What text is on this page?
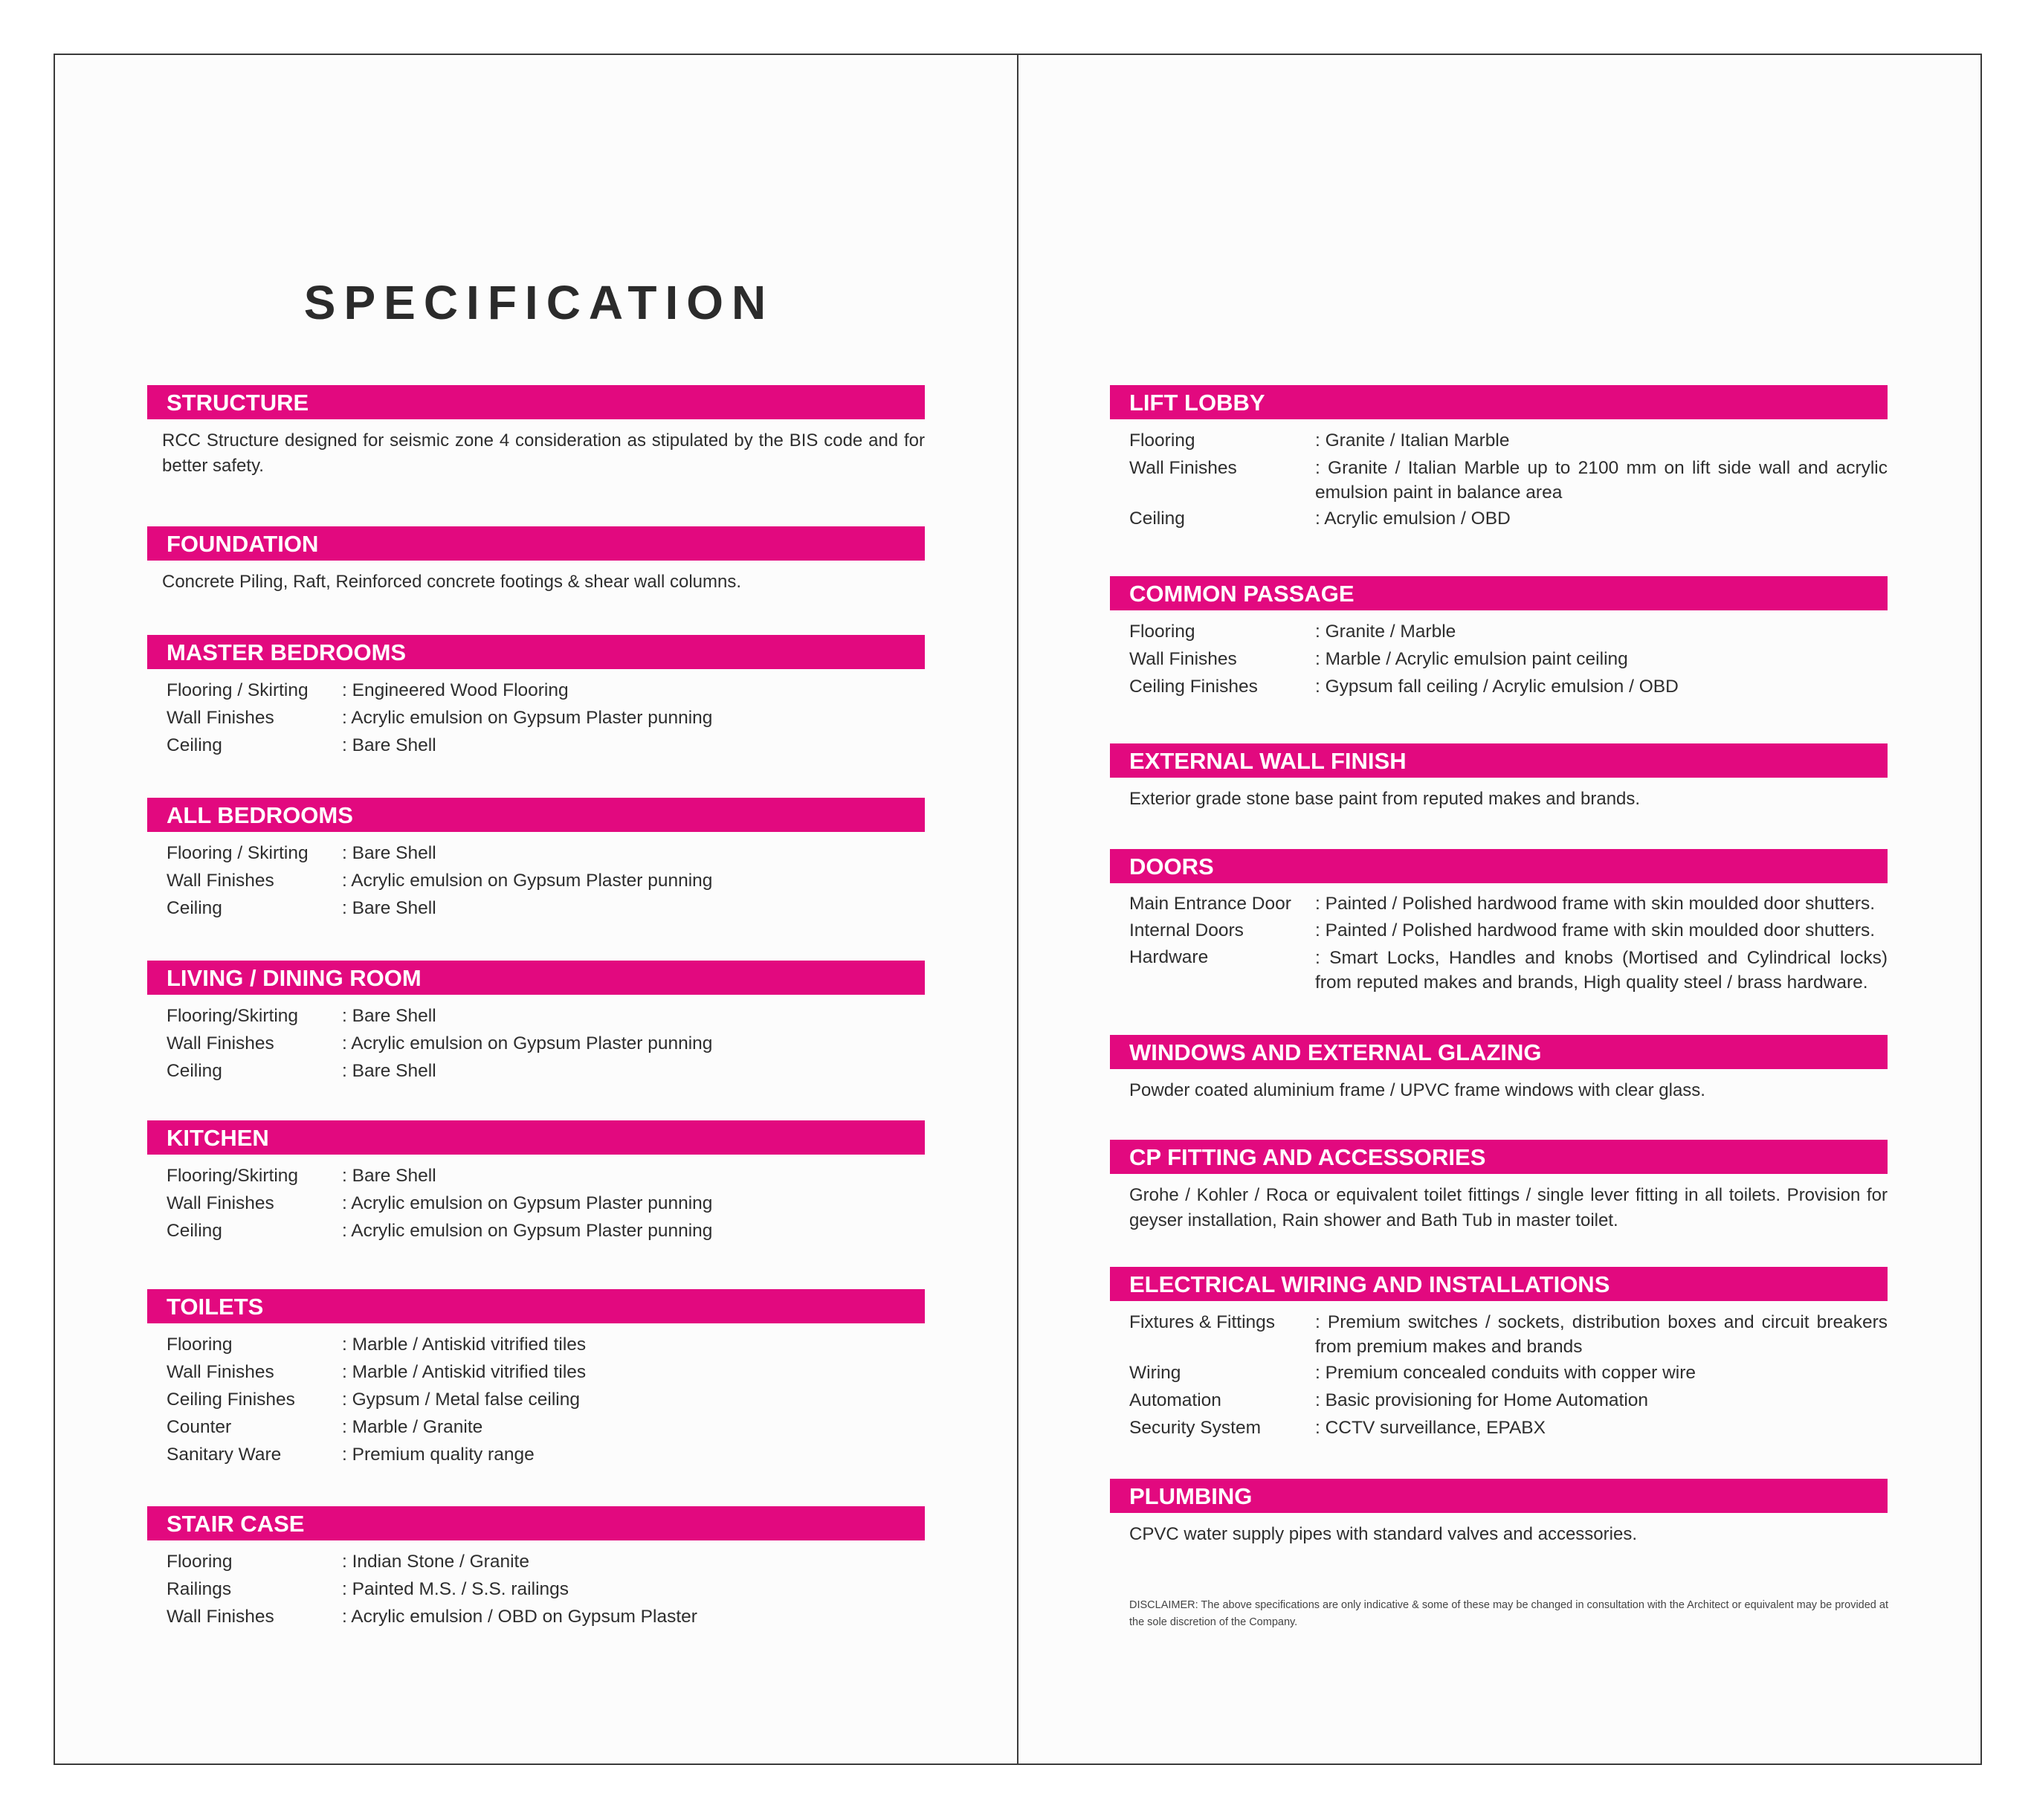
SPECIFICATION
STRUCTURE
RCC Structure designed for seismic zone 4 consideration as stipulated by the BIS code and for better safety.
FOUNDATION
Concrete Piling, Raft, Reinforced concrete footings & shear wall columns.
MASTER BEDROOMS
Flooring / Skirting	: Engineered Wood Flooring
Wall Finishes	: Acrylic emulsion on Gypsum Plaster punning
Ceiling	: Bare Shell
ALL BEDROOMS
Flooring / Skirting	: Bare Shell
Wall Finishes	: Acrylic emulsion on Gypsum Plaster punning
Ceiling	: Bare Shell
LIVING / DINING ROOM
Flooring/Skirting	: Bare Shell
Wall Finishes	: Acrylic emulsion on Gypsum Plaster punning
Ceiling	: Bare Shell
KITCHEN
Flooring/Skirting	: Bare Shell
Wall Finishes	: Acrylic emulsion on Gypsum Plaster punning
Ceiling	: Acrylic emulsion on Gypsum Plaster punning
TOILETS
Flooring	: Marble / Antiskid vitrified tiles
Wall Finishes	: Marble / Antiskid vitrified tiles
Ceiling Finishes	: Gypsum / Metal false ceiling
Counter	: Marble / Granite
Sanitary Ware	: Premium quality range
STAIR CASE
Flooring	: Indian Stone / Granite
Railings	: Painted M.S. / S.S. railings
Wall Finishes	: Acrylic emulsion / OBD on Gypsum Plaster
LIFT LOBBY
Flooring	: Granite / Italian Marble
Wall Finishes	: Granite / Italian Marble up to 2100 mm on lift side wall and acrylic emulsion paint in balance area
Ceiling	: Acrylic emulsion / OBD
COMMON PASSAGE
Flooring	: Granite / Marble
Wall Finishes	: Marble / Acrylic emulsion paint ceiling
Ceiling Finishes	: Gypsum fall ceiling / Acrylic emulsion / OBD
EXTERNAL WALL FINISH
Exterior grade stone base paint from reputed makes and brands.
DOORS
Main Entrance Door	: Painted / Polished hardwood frame with skin moulded door shutters.
Internal Doors	: Painted / Polished hardwood frame with skin moulded door shutters.
Hardware	: Smart Locks, Handles and knobs (Mortised and Cylindrical locks) from reputed makes and brands, High quality steel / brass hardware.
WINDOWS AND EXTERNAL GLAZING
Powder coated aluminium frame / UPVC frame windows with clear glass.
CP FITTING AND ACCESSORIES
Grohe / Kohler / Roca or equivalent toilet fittings / single lever fitting in all toilets. Provision for geyser installation, Rain shower and Bath Tub in master toilet.
ELECTRICAL WIRING AND INSTALLATIONS
Fixtures & Fittings	: Premium switches / sockets, distribution boxes and circuit breakers from premium makes and brands
Wiring	: Premium concealed conduits with copper wire
Automation	: Basic provisioning for Home Automation
Security System	: CCTV surveillance, EPABX
PLUMBING
CPVC water supply pipes with standard valves and accessories.
DISCLAIMER: The above specifications are only indicative & some of these may be changed in consultation with the Architect or equivalent may be provided at the sole discretion of the Company.
